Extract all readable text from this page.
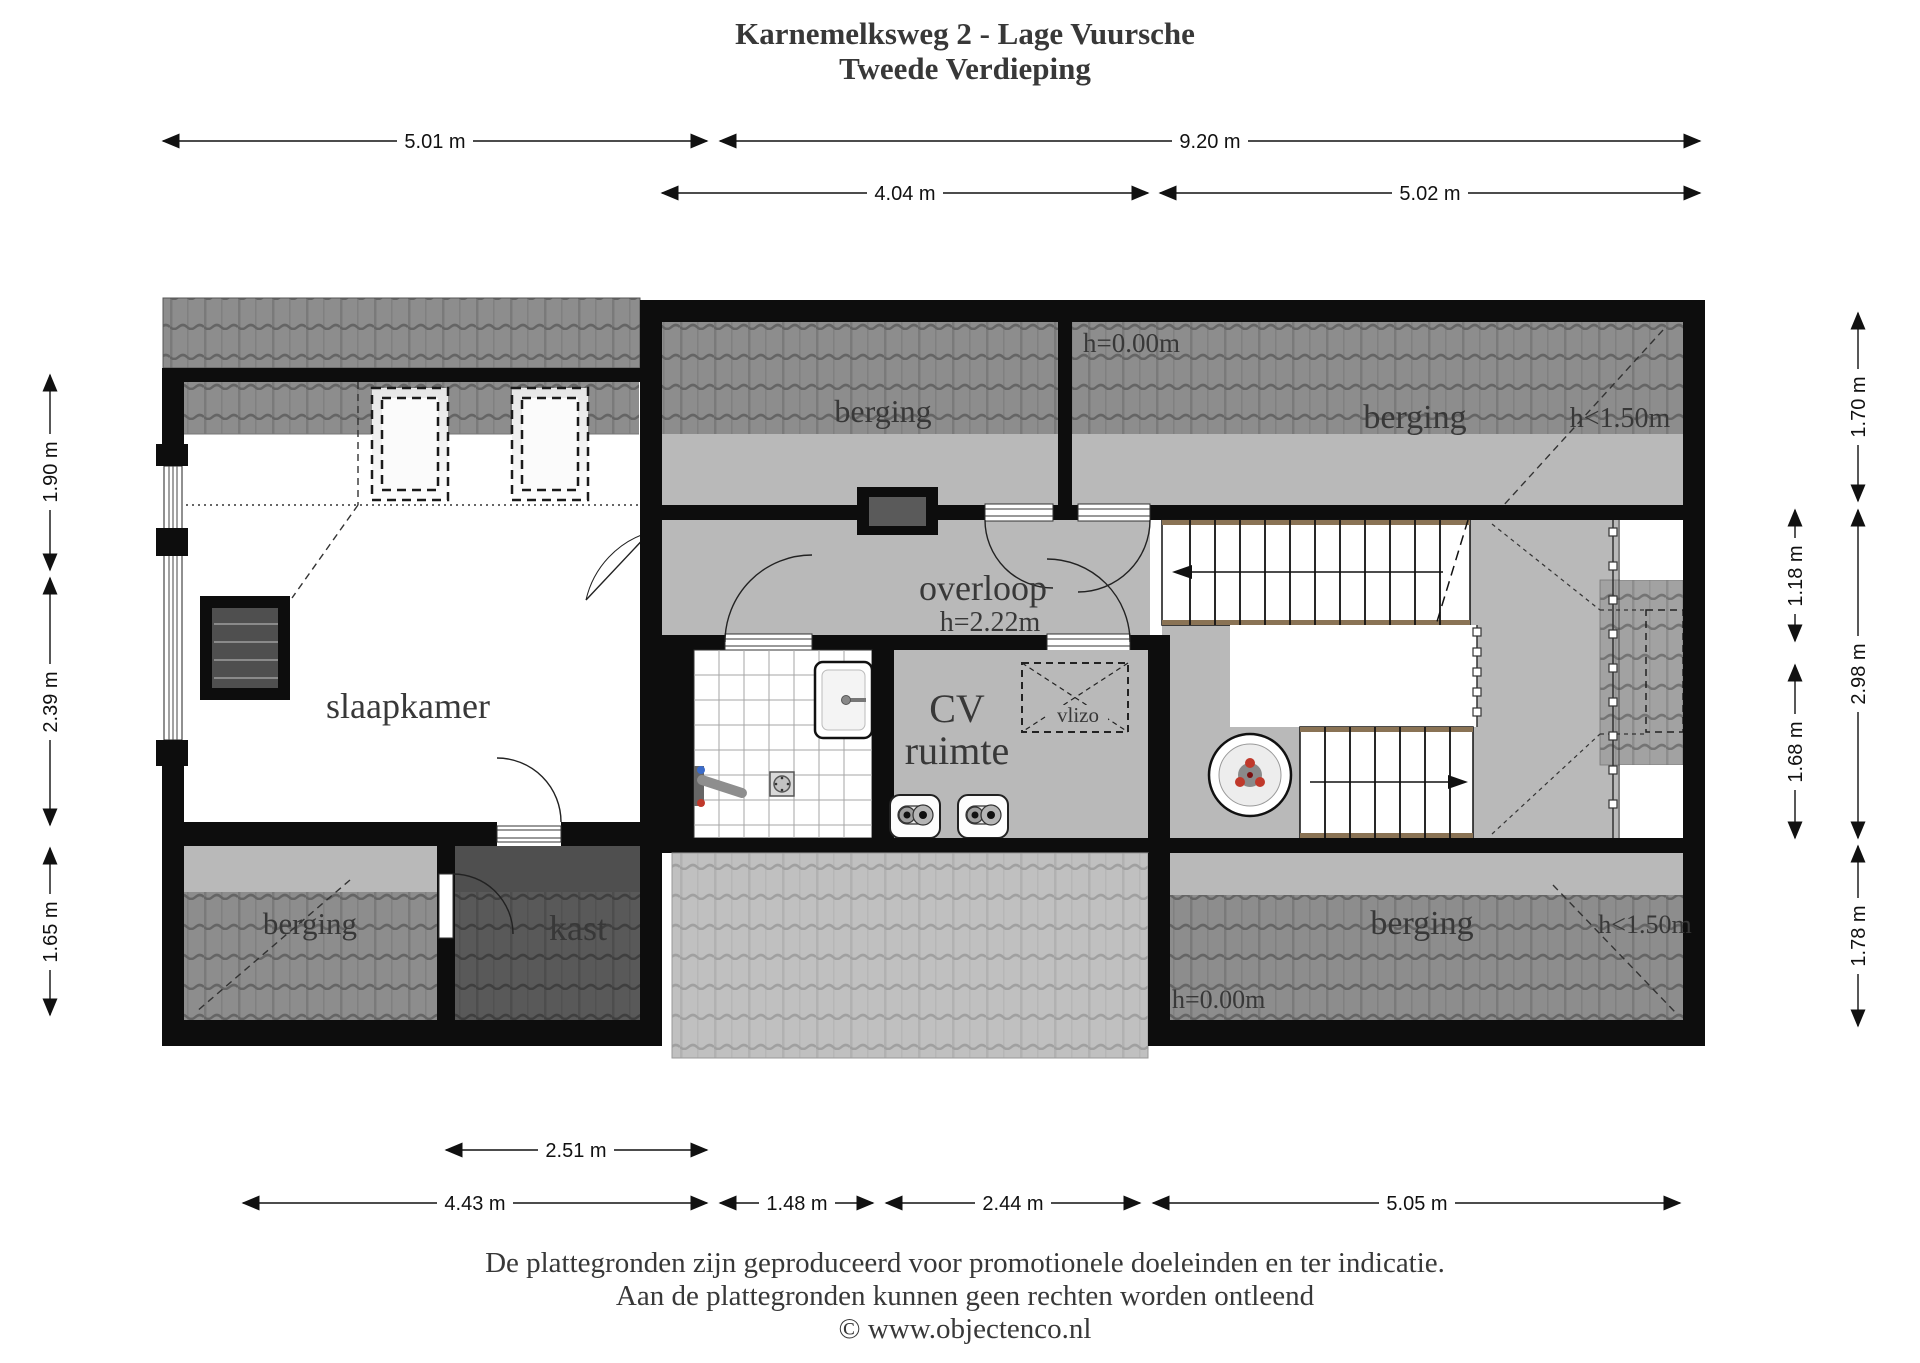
Karnemelksweg 2 - Lage Vuursche
Tweede Verdieping
slaapkamer
berging
h=0.00m
berging	h<1.50m
overloop
h=2.22m
CV
ruimte
vlizo
berging	kast	berging	h<1.50m
h=0.00m
5.01 m	9.20 m
4.04 m	5.02 m
1.90 m
2.39 m
1.65 m
1.18 m
1.68 m
1.70 m
2.98 m
1.78 m
2.51 m
4.43 m	1.48 m	2.44 m	5.05 m
De plattegronden zijn geproduceerd voor promotionele doeleinden en ter indicatie.
Aan de plattegronden kunnen geen rechten worden ontleend
© www.objectenco.nl
